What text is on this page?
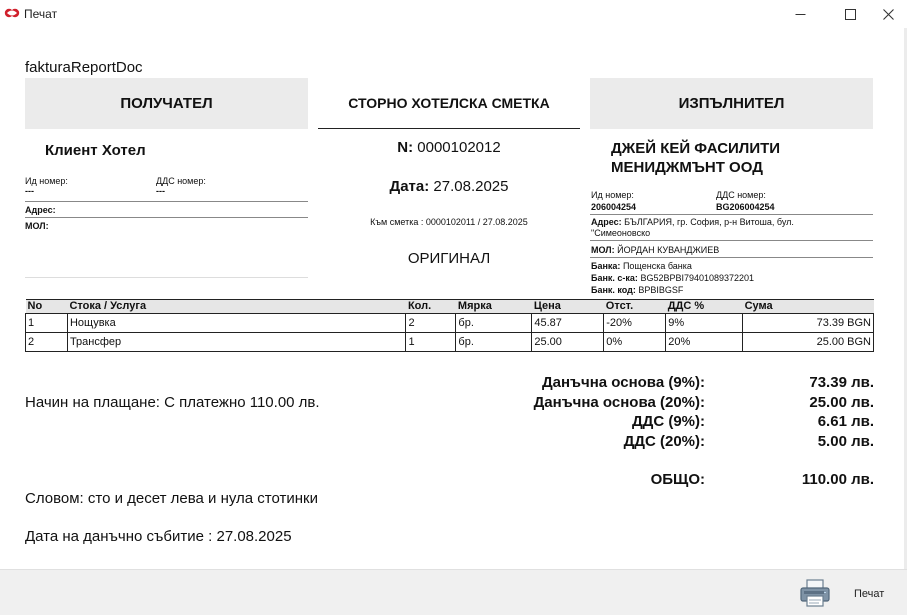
Печат
fakturaReportDoc
ПОЛУЧАТЕЛ	СТОРНО ХОТЕЛСКА СМЕТКА	ИЗПЪЛНИТЕЛ
Клиент Хотел
Ид номер:
---
ДДС номер:
---
Адрес:
МОЛ:
N: 0000102012
Дата: 27.08.2025
Към сметка : 0000102011 / 27.08.2025
ОРИГИНАЛ
ДЖЕЙ КЕЙ ФАСИЛИТИ
МЕНИДЖМЪНТ ООД
Ид номер:
206004254
ДДС номер:
BG206004254
Адрес: БЪЛГАРИЯ, гр. София, р-н Витоша, бул.
"Симеоновско
МОЛ: ЙОРДАН КУВАНДЖИЕВ
Банка: Пощенска банка
Банк. с-ка: BG52BPBI79401089372201
Банк. код: BPBIBGSF
No	Стока / Услуга	Кол.	Мярка	Цена	Отст.	ДДС %	Сума
1	Нощувка	2	бр.	45.87	-20%	9%	73.39 BGN
2	Трансфер	1	бр.	25.00	0%	20%	25.00 BGN
Начин на плащане: С платежно 110.00 лв.
Словом: сто и десет лева и нула стотинки
Дата на данъчно събитие : 27.08.2025
Данъчна основа (9%):	73.39 лв.
Данъчна основа (20%):	25.00 лв.
ДДС (9%):	6.61 лв.
ДДС (20%):	5.00 лв.
ОБЩО:	110.00 лв.
Печат
